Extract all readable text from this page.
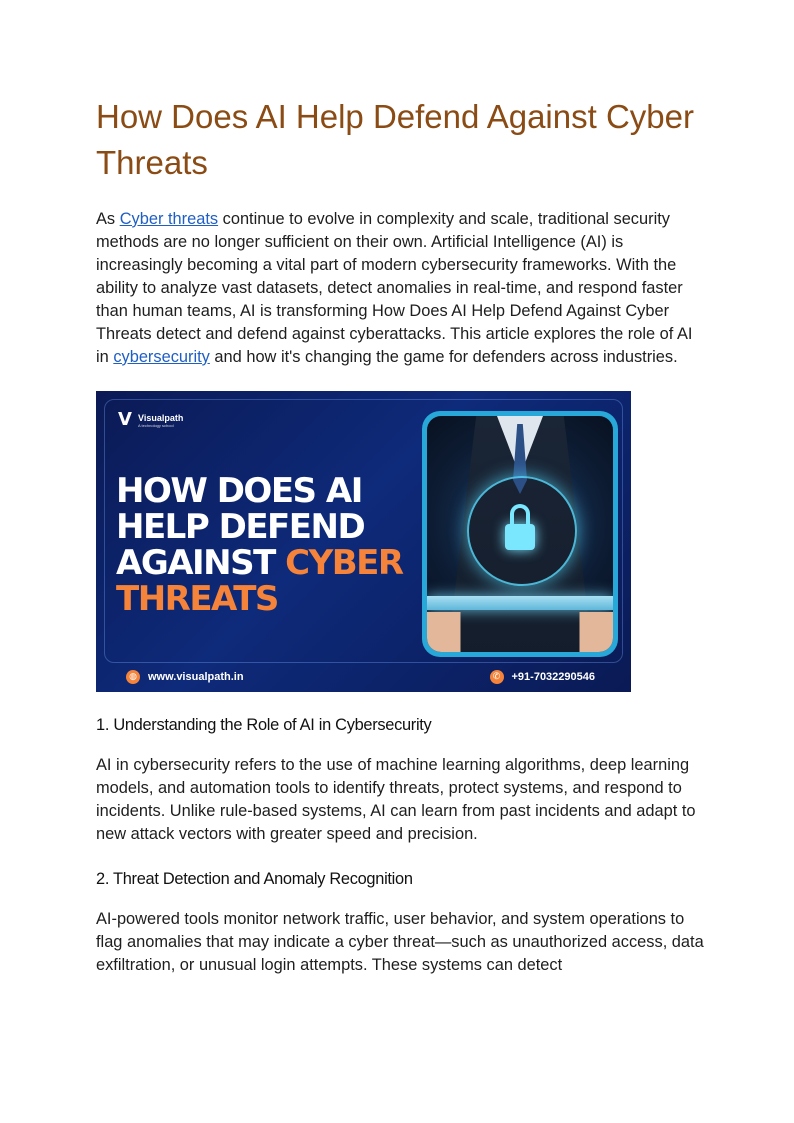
How Does AI Help Defend Against Cyber Threats

As Cyber threats continue to evolve in complexity and scale, traditional security methods are no longer sufficient on their own. Artificial Intelligence (AI) is increasingly becoming a vital part of modern cybersecurity frameworks. With the ability to analyze vast datasets, detect anomalies in real-time, and respond faster than human teams, AI is transforming How Does AI Help Defend Against Cyber Threats detect and defend against cyberattacks. This article explores the role of AI in cybersecurity and how it's changing the game for defenders across industries.

V Visualpath
A technology school
HOW DOES AI
HELP DEFEND
AGAINST CYBER
THREATS
◍ www.visualpath.in	✆ +91-7032290546
1. Understanding the Role of AI in Cybersecurity

AI in cybersecurity refers to the use of machine learning algorithms, deep learning models, and automation tools to identify threats, protect systems, and respond to incidents. Unlike rule-based systems, AI can learn from past incidents and adapt to new attack vectors with greater speed and precision.

2. Threat Detection and Anomaly Recognition

AI-powered tools monitor network traffic, user behavior, and system operations to flag anomalies that may indicate a cyber threat—such as unauthorized access, data exfiltration, or unusual login attempts. These systems can detect
